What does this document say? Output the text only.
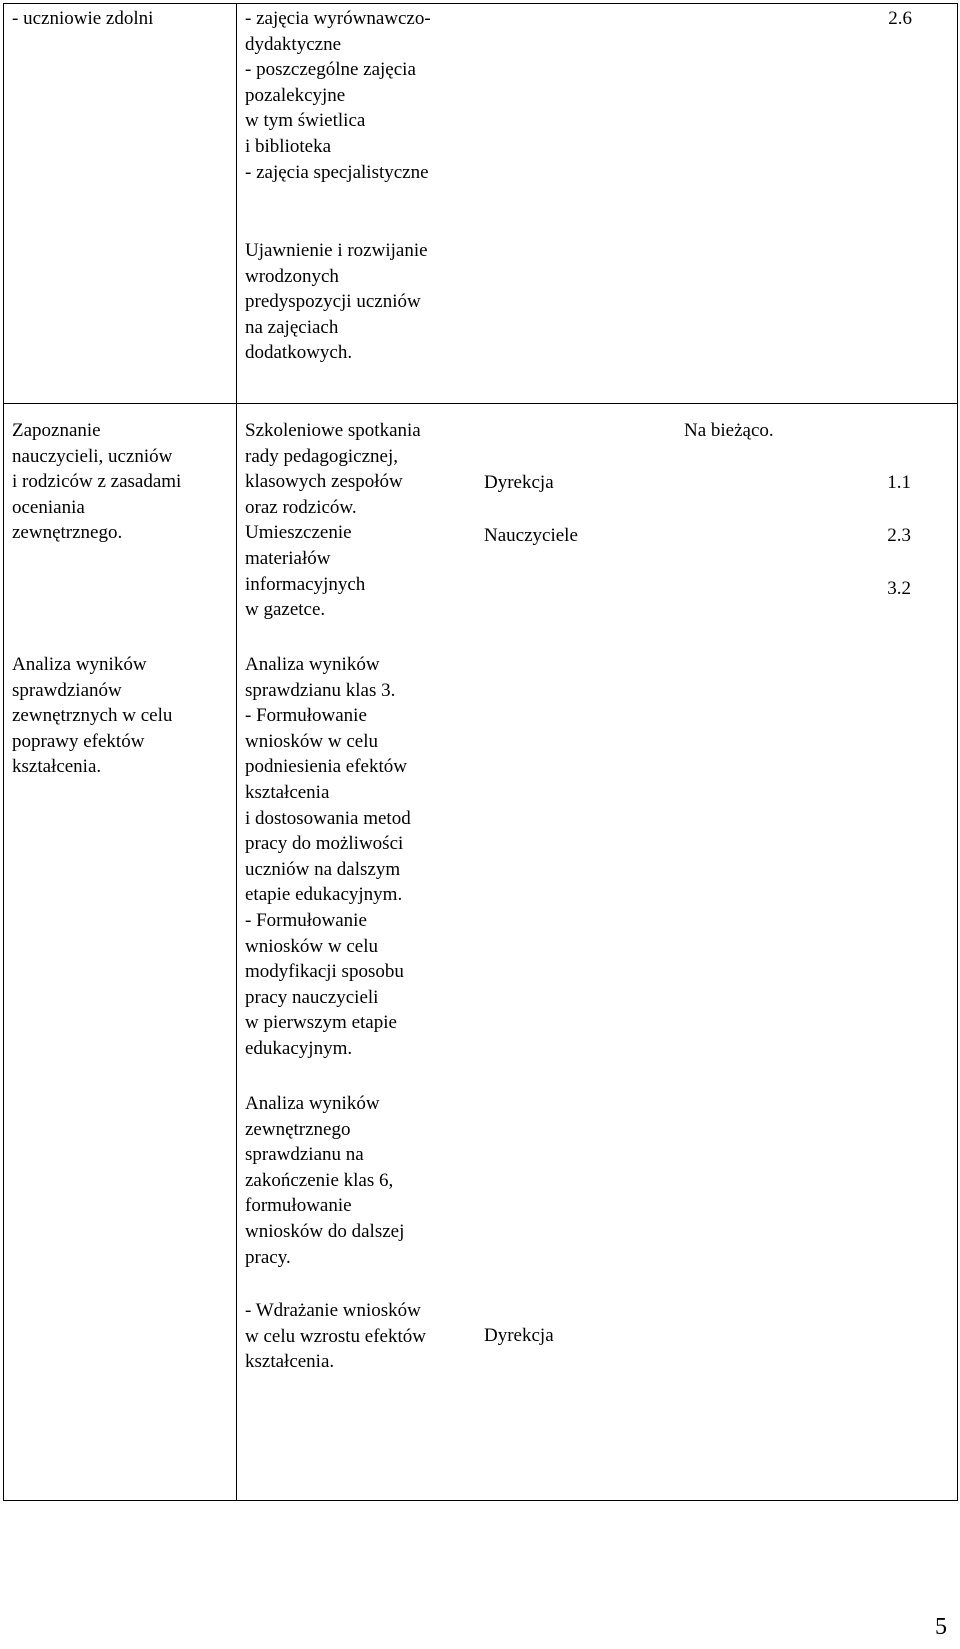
- uczniowie zdolni	- zajęcia wyrównawczo-
dydaktyczne
- poszczególne zajęcia
pozalekcyjne
w tym świetlica
i biblioteka
- zajęcia specjalistyczne
Ujawnienie i rozwijanie
wrodzonych
predyspozycji uczniów
na zajęciach
dodatkowych.
2.6
Zapoznanie
nauczycieli, uczniów
i rodziców z zasadami
oceniania
zewnętrznego.
Analiza wyników
sprawdzianów
zewnętrznych w celu
poprawy efektów
kształcenia.
Szkoleniowe spotkania
rady pedagogicznej,
klasowych zespołów
oraz rodziców.
Umieszczenie
materiałów
informacyjnych
w gazetce.
Analiza wyników
sprawdzianu klas 3.
- Formułowanie
wniosków w celu
podniesienia efektów
kształcenia
i dostosowania metod
pracy do możliwości
uczniów na dalszym
etapie edukacyjnym.
- Formułowanie
wniosków w celu
modyfikacji sposobu
pracy nauczycieli
w pierwszym etapie
edukacyjnym.
Analiza wyników
zewnętrznego
sprawdzianu na
zakończenie klas 6,
formułowanie
wniosków do dalszej
pracy.
- Wdrażanie wniosków
w celu wzrostu efektów
kształcenia.
Dyrekcja
Nauczyciele
Dyrekcja
Na bieżąco.
1.1
2.3
3.2
5
